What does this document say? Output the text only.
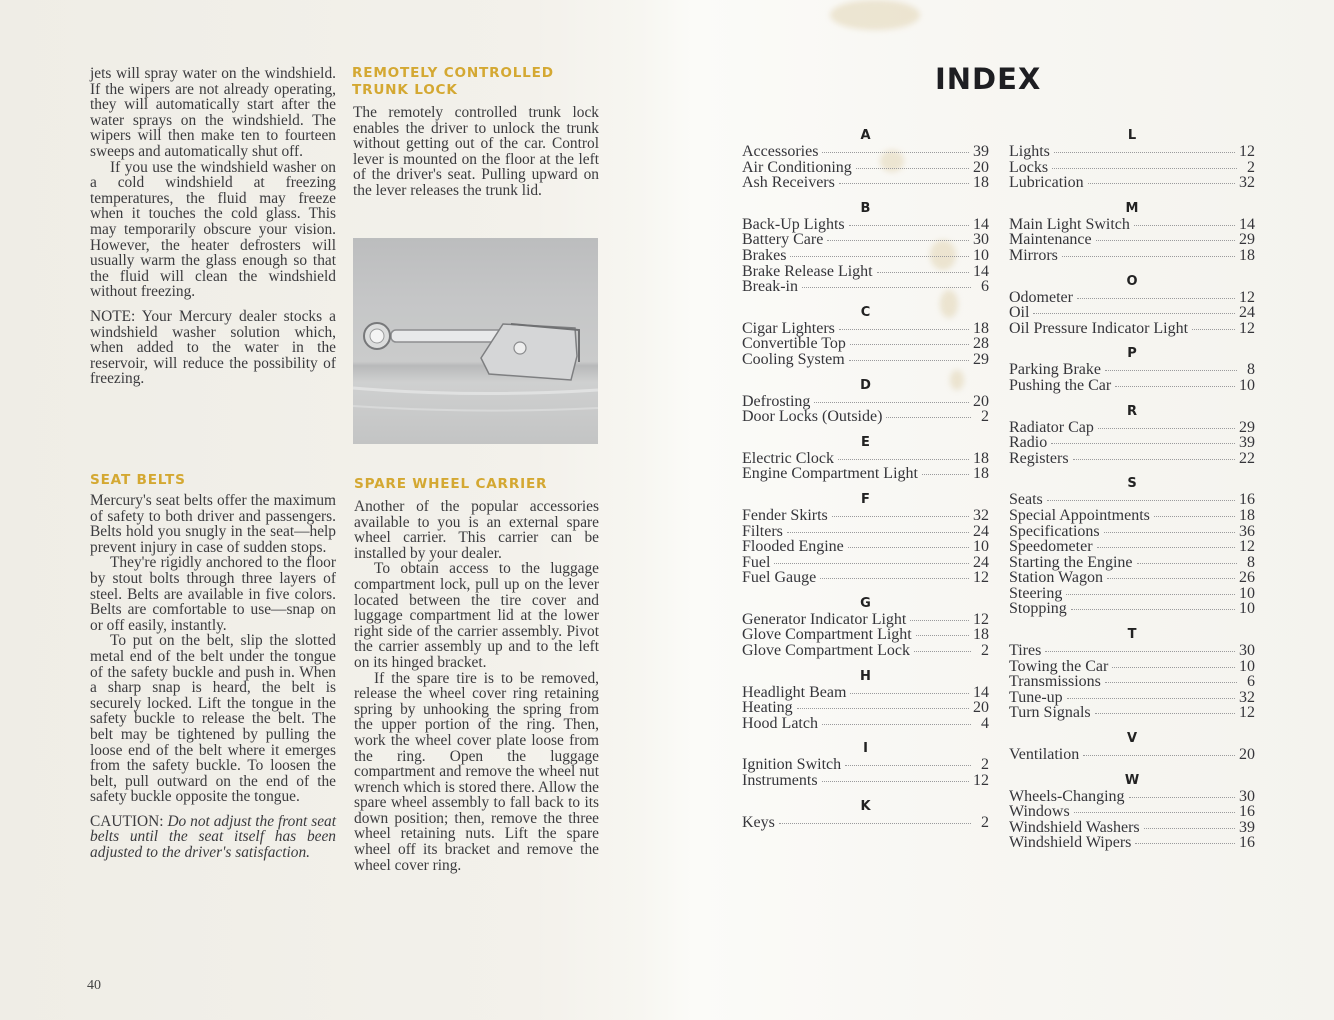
jets will spray water on the windshield. If the wipers are not already operating, they will automatically start after the water sprays on the windshield. The wipers will then make ten to fourteen sweeps and automatically shut off.

If you use the windshield washer on a cold windshield at freezing temperatures, the fluid may freeze when it touches the cold glass. This may temporarily obscure your vision. However, the heater defrosters will usually warm the glass enough so that the fluid will clean the windshield without freezing.

NOTE: Your Mercury dealer stocks a windshield washer solution which, when added to the water in the reservoir, will reduce the possibility of freezing.

SEAT BELTS

Mercury's seat belts offer the maximum of safety to both driver and passengers. Belts hold you snugly in the seat—help prevent injury in case of sudden stops.

They're rigidly anchored to the floor by stout bolts through three layers of steel. Belts are available in five colors. Belts are comfortable to use—snap on or off easily, instantly.

To put on the belt, slip the slotted metal end of the belt under the tongue of the safety buckle and push in. When a sharp snap is heard, the belt is securely locked. Lift the tongue in the safety buckle to release the belt. The belt may be tightened by pulling the loose end of the belt where it emerges from the safety buckle. To loosen the belt, pull outward on the end of the safety buckle opposite the tongue.

CAUTION: Do not adjust the front seat belts until the seat itself has been adjusted to the driver's satisfaction.

REMOTELY CONTROLLED
TRUNK LOCK

The remotely controlled trunk lock enables the driver to unlock the trunk without getting out of the car. Control lever is mounted on the floor at the left of the driver's seat. Pulling upward on the lever releases the trunk lid.

SPARE WHEEL CARRIER

Another of the popular accessories available to you is an external spare wheel carrier. This carrier can be installed by your dealer.

To obtain access to the luggage compartment lock, pull up on the lever located between the tire cover and luggage compartment lid at the lower right side of the carrier assembly. Pivot the carrier assembly up and to the left on its hinged bracket.

If the spare tire is to be removed, release the wheel cover ring retaining spring by unhooking the spring from the upper portion of the ring. Then, work the wheel cover plate loose from the ring. Open the luggage compartment and remove the wheel nut wrench which is stored there. Allow the spare wheel assembly to fall back to its down position; then, remove the three wheel retaining nuts. Lift the spare wheel off its bracket and remove the wheel cover ring.

40
INDEX
A
Accessories	39
Air Conditioning	20
Ash Receivers	18
B
Back-Up Lights	14
Battery Care	30
Brakes	10
Brake Release Light	14
Break-in	6
C
Cigar Lighters	18
Convertible Top	28
Cooling System	29
D
Defrosting	20
Door Locks (Outside)	2
E
Electric Clock	18
Engine Compartment Light	18
F
Fender Skirts	32
Filters	24
Flooded Engine	10
Fuel	24
Fuel Gauge	12
G
Generator Indicator Light	12
Glove Compartment Light	18
Glove Compartment Lock	2
H
Headlight Beam	14
Heating	20
Hood Latch	4
I
Ignition Switch	2
Instruments	12
K
Keys	2
L
Lights	12
Locks	2
Lubrication	32
M
Main Light Switch	14
Maintenance	29
Mirrors	18
O
Odometer	12
Oil	24
Oil Pressure Indicator Light	12
P
Parking Brake	8
Pushing the Car	10
R
Radiator Cap	29
Radio	39
Registers	22
S
Seats	16
Special Appointments	18
Specifications	36
Speedometer	12
Starting the Engine	8
Station Wagon	26
Steering	10
Stopping	10
T
Tires	30
Towing the Car	10
Transmissions	6
Tune-up	32
Turn Signals	12
V
Ventilation	20
W
Wheels-Changing	30
Windows	16
Windshield Washers	39
Windshield Wipers	16
